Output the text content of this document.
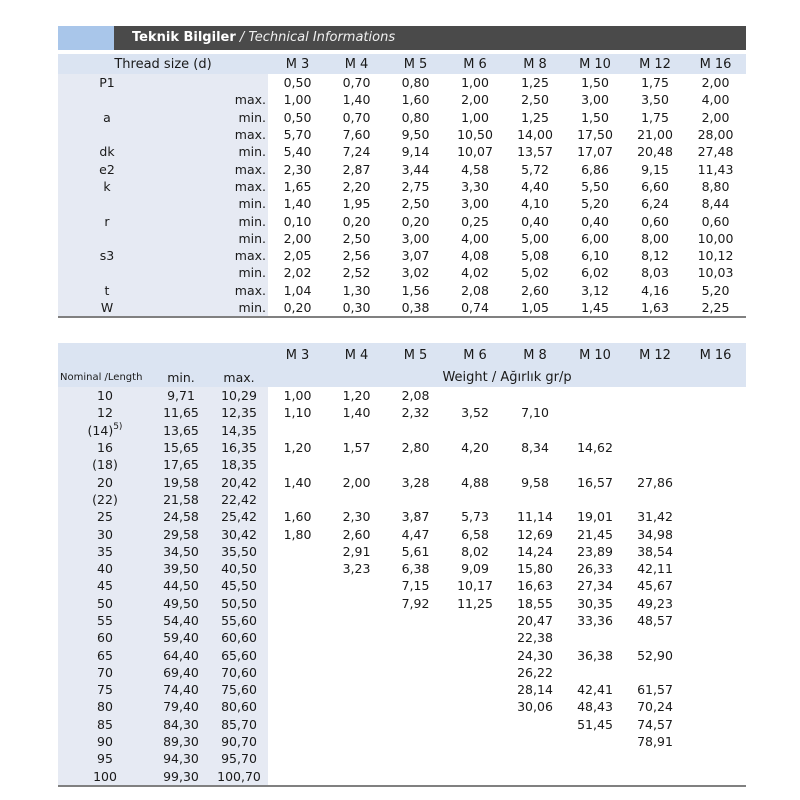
Teknik Bilgiler / Technical Informations
Thread size (d)		M 3	M 4	M 5	M 6	M 8	M 10	M 12	M 16
P1		0,50	0,70	0,80	1,00	1,25	1,50	1,75	2,00
	max.	1,00	1,40	1,60	2,00	2,50	3,00	3,50	4,00
a	min.	0,50	0,70	0,80	1,00	1,25	1,50	1,75	2,00
	max.	5,70	7,60	9,50	10,50	14,00	17,50	21,00	28,00
dk	min.	5,40	7,24	9,14	10,07	13,57	17,07	20,48	27,48
e2	max.	2,30	2,87	3,44	4,58	5,72	6,86	9,15	11,43
k	max.	1,65	2,20	2,75	3,30	4,40	5,50	6,60	8,80
	min.	1,40	1,95	2,50	3,00	4,10	5,20	6,24	8,44
r	min.	0,10	0,20	0,20	0,25	0,40	0,40	0,60	0,60
	min.	2,00	2,50	3,00	4,00	5,00	6,00	8,00	10,00
s3	max.	2,05	2,56	3,07	4,08	5,08	6,10	8,12	10,12
	min.	2,02	2,52	3,02	4,02	5,02	6,02	8,03	10,03
t	max.	1,04	1,30	1,56	2,08	2,60	3,12	4,16	5,20
W	min.	0,20	0,30	0,38	0,74	1,05	1,45	1,63	2,25
			M 3	M 4	M 5	M 6	M 8	M 10	M 12	M 16
Nominal /Length	min.	max.	Weight / Ağırlık gr/p							
10	9,71	10,29	1,00	1,20	2,08					
12	11,65	12,35	1,10	1,40	2,32	3,52	7,10			
$(14)^{5)}$	13,65	14,35								
16	15,65	16,35	1,20	1,57	2,80	4,20	8,34	14,62		
(18)	17,65	18,35								
20	19,58	20,42	1,40	2,00	3,28	4,88	9,58	16,57	27,86	
(22)	21,58	22,42								
25	24,58	25,42	1,60	2,30	3,87	5,73	11,14	19,01	31,42	
30	29,58	30,42	1,80	2,60	4,47	6,58	12,69	21,45	34,98	
35	34,50	35,50		2,91	5,61	8,02	14,24	23,89	38,54	
40	39,50	40,50		3,23	6,38	9,09	15,80	26,33	42,11	
45	44,50	45,50			7,15	10,17	16,63	27,34	45,67	
50	49,50	50,50			7,92	11,25	18,55	30,35	49,23	
55	54,40	55,60					20,47	33,36	48,57	
60	59,40	60,60					22,38			
65	64,40	65,60					24,30	36,38	52,90	
70	69,40	70,60					26,22			
75	74,40	75,60					28,14	42,41	61,57	
80	79,40	80,60					30,06	48,43	70,24	
85	84,30	85,70						51,45	74,57	
90	89,30	90,70							78,91	
95	94,30	95,70								
100	99,30	100,70								
